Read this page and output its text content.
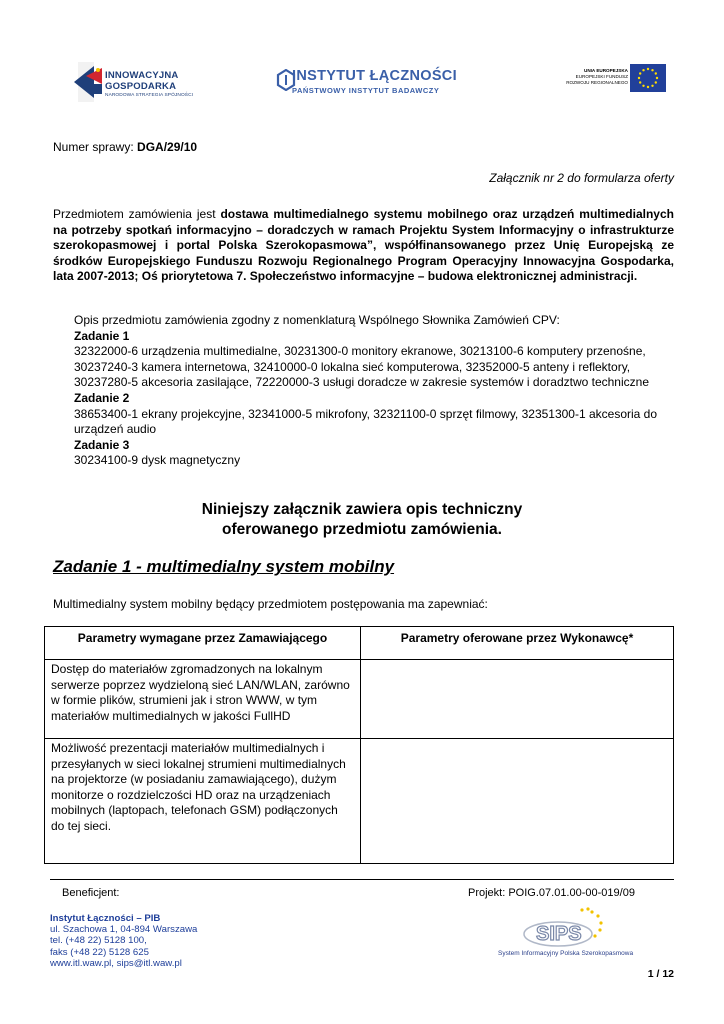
INNOWACYJNA
GOSPODARKA
NARODOWA STRATEGIA SPÓJNOŚCI
INSTYTUT ŁĄCZNOŚCI
PAŃSTWOWY INSTYTUT BADAWCZY
UNIA EUROPEJSKA
EUROPEJSKI FUNDUSZ
ROZWOJU REGIONALNEGO
Numer sprawy: DGA/29/10
Załącznik nr 2 do formularza oferty
Przedmiotem zamówienia jest dostawa multimedialnego systemu mobilnego oraz urządzeń multimedialnych na potrzeby spotkań informacyjno – doradczych w ramach Projektu System Informacyjny o infrastrukturze szerokopasmowej i portal Polska Szerokopasmowa”, współfinansowanego przez Unię Europejską ze środków Europejskiego Funduszu Rozwoju Regionalnego Program Operacyjny Innowacyjna Gospodarka, lata 2007-2013; Oś priorytetowa 7. Społeczeństwo informacyjne – budowa elektronicznej administracji.
Opis przedmiotu zamówienia zgodny z nomenklaturą Wspólnego Słownika Zamówień CPV:
Zadanie 1
32322000-6 urządzenia multimedialne, 30231300-0 monitory ekranowe, 30213100-6 komputery przenośne, 30237240-3 kamera internetowa, 32410000-0 lokalna sieć komputerowa, 32352000-5 anteny i reflektory, 30237280-5 akcesoria zasilające, 72220000-3 usługi doradcze w zakresie systemów i doradztwo techniczne
Zadanie 2
38653400-1 ekrany projekcyjne, 32341000-5 mikrofony, 32321100-0 sprzęt filmowy, 32351300-1 akcesoria do urządzeń audio
Zadanie 3
30234100-9 dysk magnetyczny
Niniejszy załącznik zawiera opis techniczny
oferowanego przedmiotu zamówienia.
Zadanie 1 - multimedialny system mobilny
Multimedialny system mobilny będący przedmiotem postępowania ma zapewniać:
Parametry wymagane przez Zamawiającego	Parametry oferowane przez Wykonawcę*
Dostęp do materiałów zgromadzonych na lokalnym serwerze poprzez wydzieloną sieć LAN/WLAN, zarówno w formie plików, strumieni jak i stron WWW, w tym materiałów multimedialnych w jakości FullHD	
Możliwość prezentacji materiałów multimedialnych i przesyłanych w sieci lokalnej strumieni multimedialnych na projektorze (w posiadaniu zamawiającego), dużym monitorze o rozdzielczości HD oraz na urządzeniach mobilnych (laptopach, telefonach GSM) podłączonych do tej sieci.	
Beneficjent:	Projekt: POIG.07.01.00-00-019/09
Instytut Łączności – PIB
ul. Szachowa 1, 04-894 Warszawa
tel. (+48 22) 5128 100,
faks (+48 22) 5128 625
www.itl.waw.pl, sips@itl.waw.pl
SIPS
System Informacyjny Polska Szerokopasmowa
1 / 12
